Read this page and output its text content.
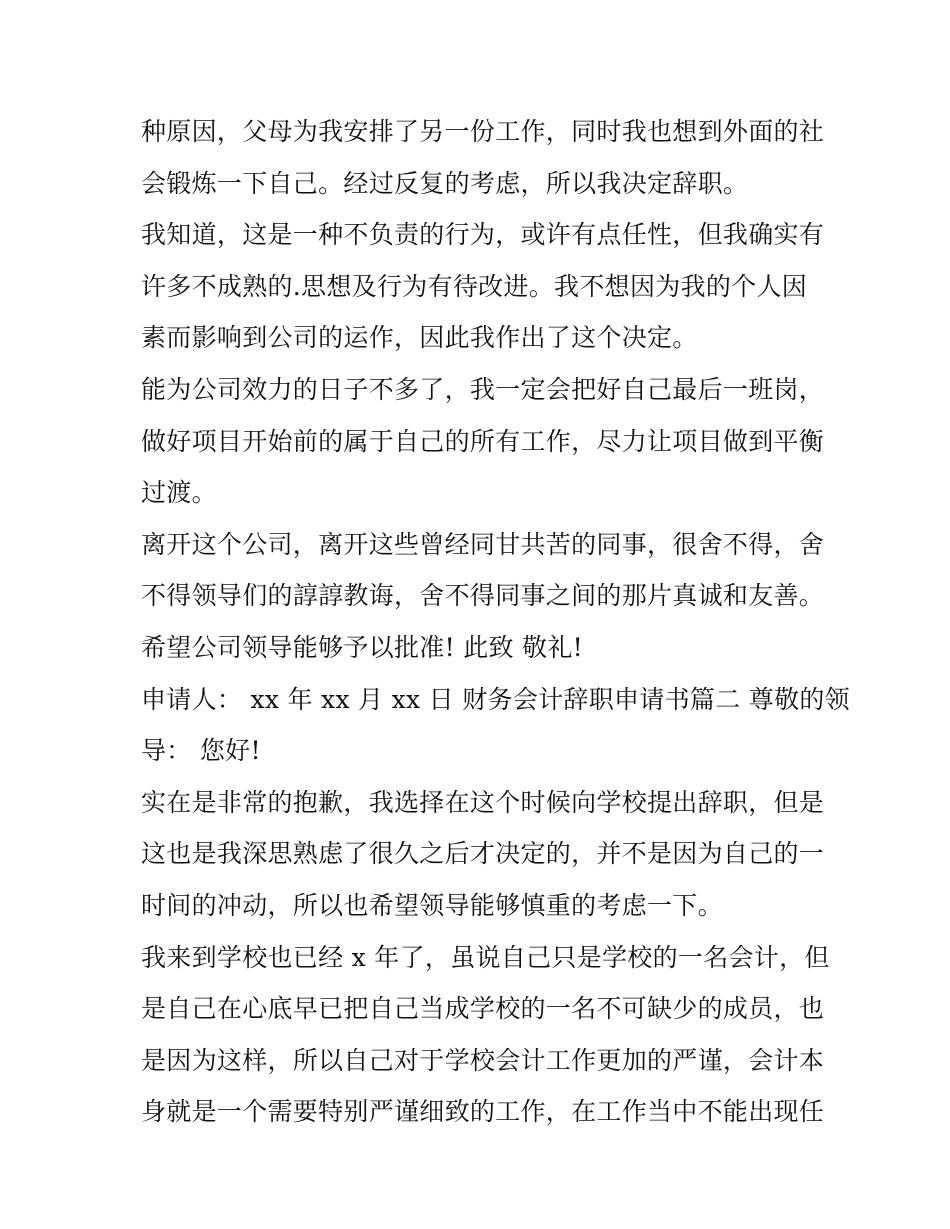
种原因，父母为我安排了另一份工作，同时我也想到外面的社
会锻炼一下自己。经过反复的考虑，所以我决定辞职。
我知道，这是一种不负责的行为，或许有点任性，但我确实有
许多不成熟的.思想及行为有待改进。我不想因为我的个人因
素而影响到公司的运作，因此我作出了这个决定。
能为公司效力的日子不多了，我一定会把好自己最后一班岗，
做好项目开始前的属于自己的所有工作，尽力让项目做到平衡
过渡。
离开这个公司，离开这些曾经同甘共苦的同事，很舍不得，舍
不得领导们的諄諄教诲，舍不得同事之间的那片真诚和友善。
希望公司领导能够予以批准! 此致 敬礼!
申请人： xx 年 xx 月 xx 日 财务会计辞职申请书篇二 尊敬的领
导： 您好!
实在是非常的抱歉，我选择在这个时候向学校提出辞职，但是
这也是我深思熟虑了很久之后才决定的，并不是因为自己的一
时间的冲动，所以也希望领导能够慎重的考虑一下。
我来到学校也已经 x 年了，虽说自己只是学校的一名会计，但
是自己在心底早已把自己当成学校的一名不可缺少的成员，也
是因为这样，所以自己对于学校会计工作更加的严谨，会计本
身就是一个需要特别严谨细致的工作，在工作当中不能出现任
